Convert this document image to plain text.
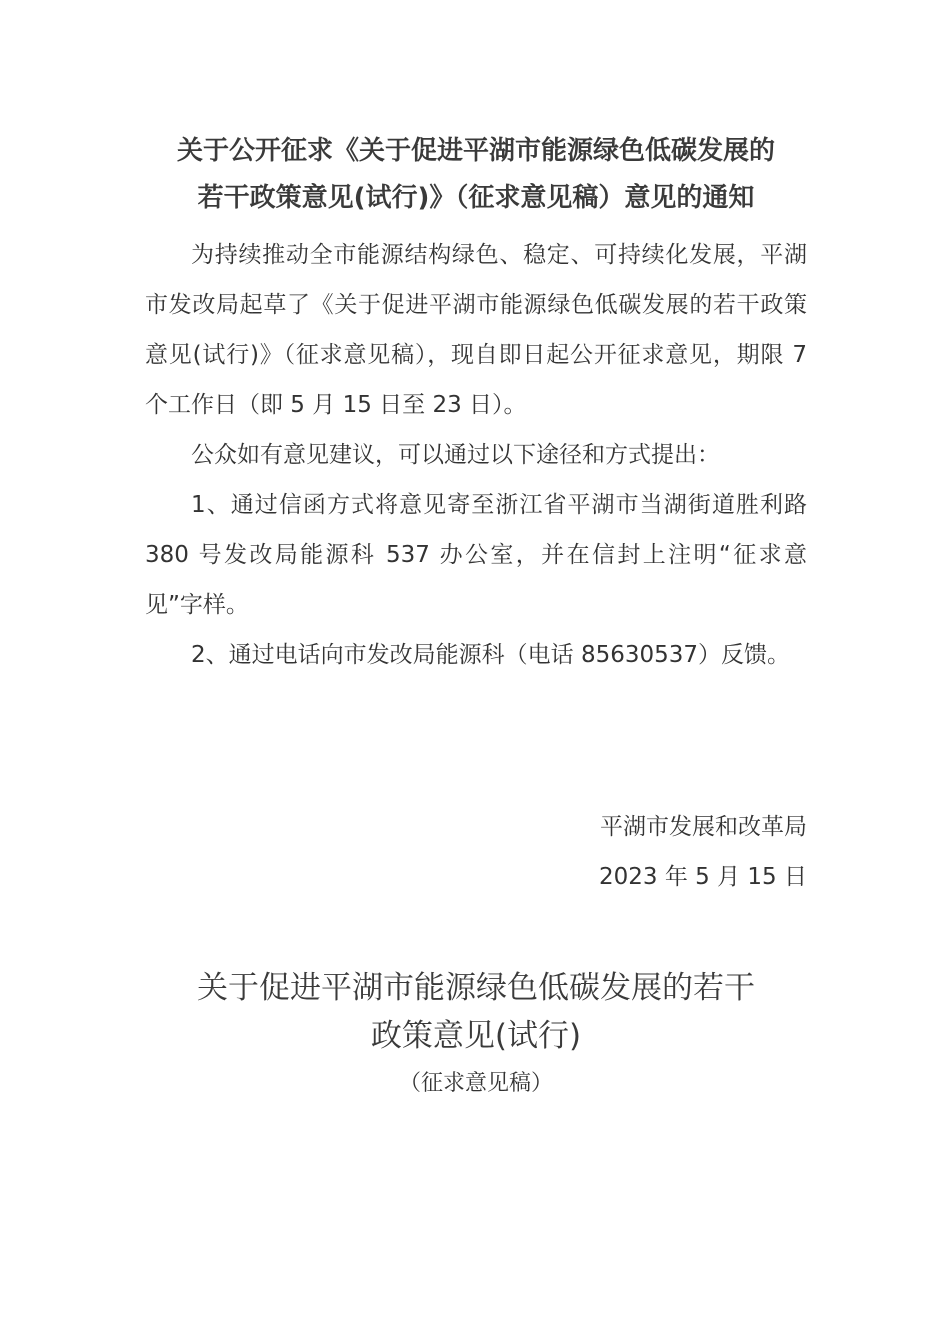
关于公开征求《关于促进平湖市能源绿色低碳发展的
若干政策意见(试行)》（征求意见稿）意见的通知

为持续推动全市能源结构绿色、稳定、可持续化发展，平湖市发改局起草了《关于促进平湖市能源绿色低碳发展的若干政策意见(试行)》（征求意见稿），现自即日起公开征求意见，期限 7 个工作日（即 5 月 15 日至 23 日）。

公众如有意见建议，可以通过以下途径和方式提出：

1、通过信函方式将意见寄至浙江省平湖市当湖街道胜利路 380 号发改局能源科 537 办公室，并在信封上注明“征求意见”字样。

2、通过电话向市发改局能源科（电话 85630537）反馈。

平湖市发展和改革局
2023 年 5 月 15 日
关于促进平湖市能源绿色低碳发展的若干
政策意见(试行)
（征求意见稿）
